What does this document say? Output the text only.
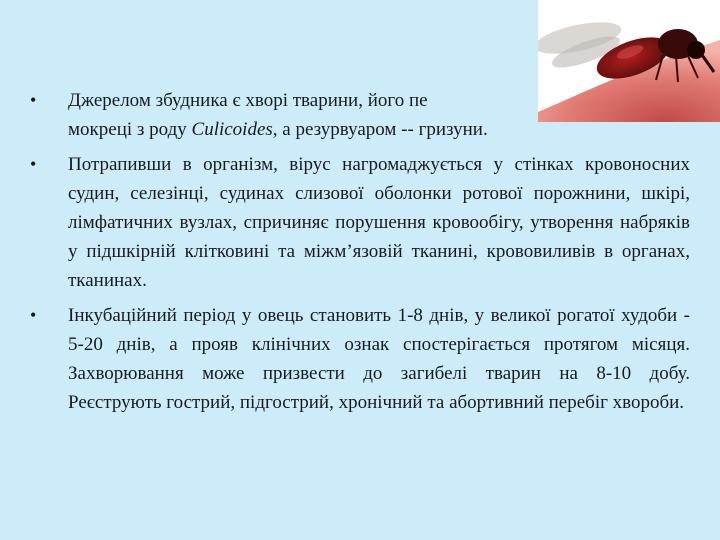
• Джерелом збудника є хворі тварини, його пе
мокреці з роду Culicoides, а резурвуаром -- гризуни.

• Потрапивши в організм, вірус нагромаджується у стінках кровоносних судин, селезінці, судинах слизової оболонки ротової порожнини, шкірі, лімфатичних вузлах, спричиняє порушення кровообігу, утворення набряків у підшкірній клітковині та міжм’язовій тканині, крововиливів в органах, тканинах.

• Інкубаційний період у овець становить 1-8 днів, у великої рогатої худоби - 5-20 днів, а прояв клінічних ознак спостерігається протягом місяця. Захворювання може призвести до загибелі тварин на 8-10 добу.     Реєструють гострий, підгострий, хронічний та абортивний перебіг хвороби.
